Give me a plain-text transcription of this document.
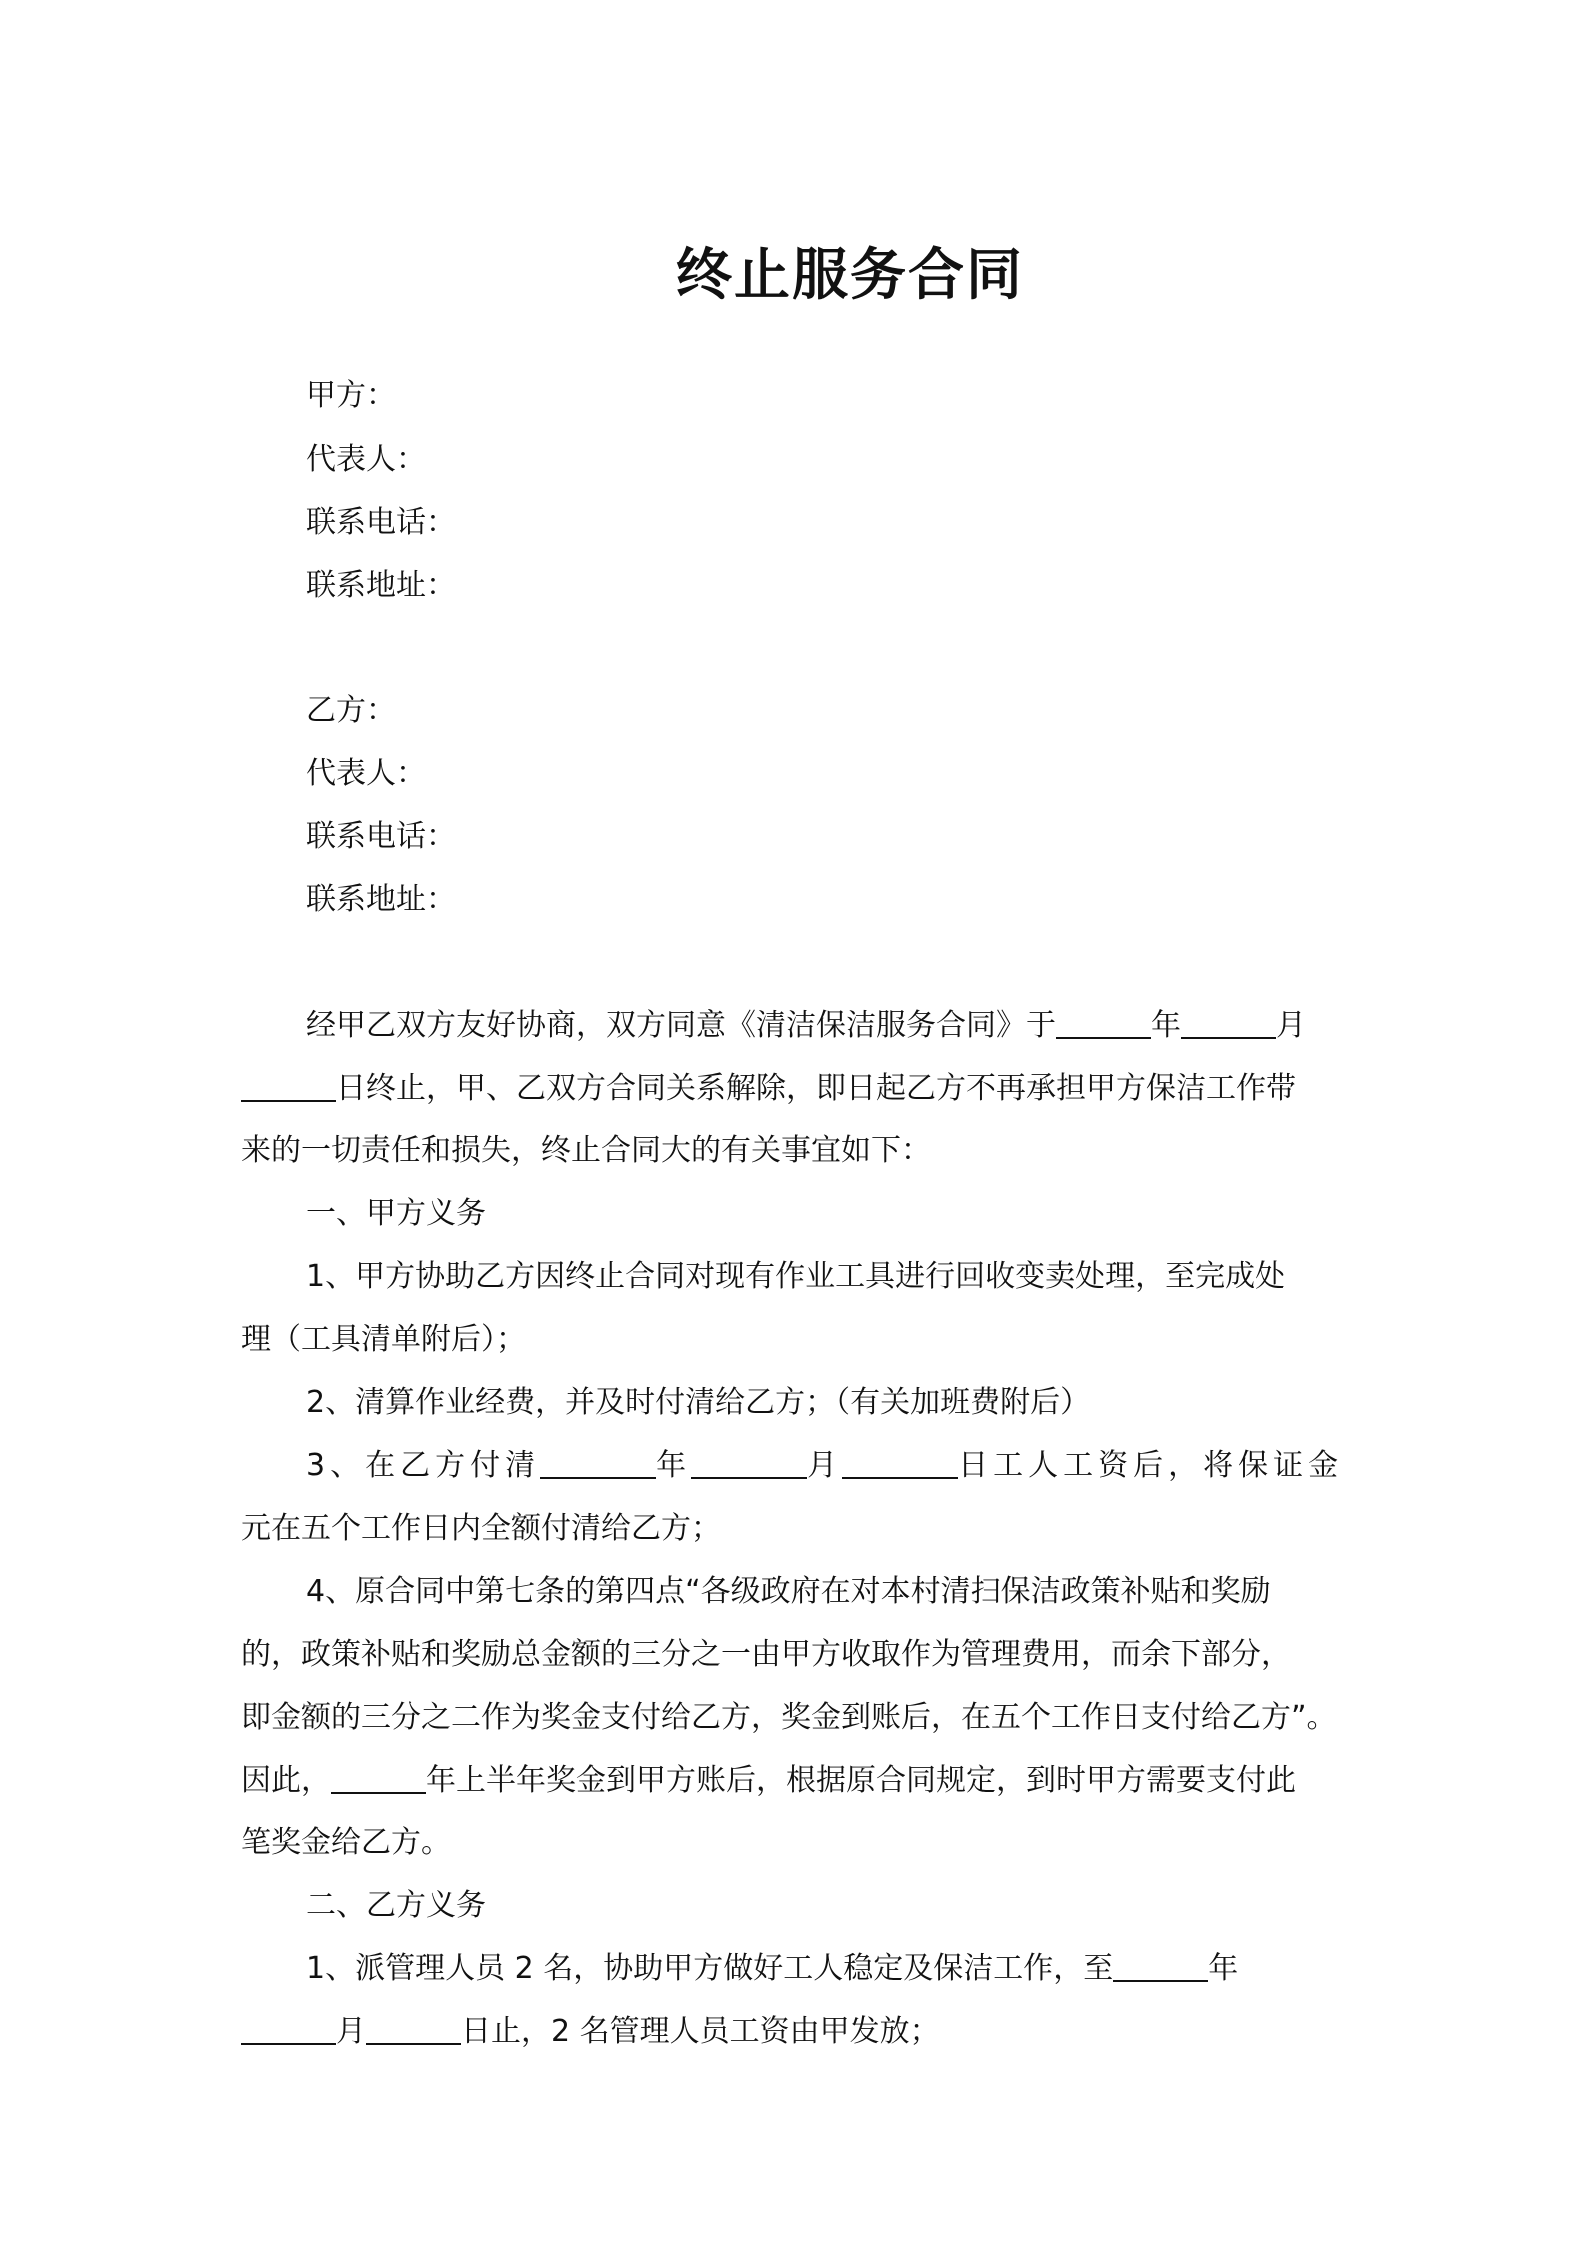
终止服务合同
甲方：
代表人：
联系电话：
联系地址：
乙方：
代表人：
联系电话：
联系地址：
经甲乙双方友好协商，双方同意《清洁保洁服务合同》于	年	月
日终止，甲、乙双方合同关系解除，即日起乙方不再承担甲方保洁工作带
来的一切责任和损失，终止合同大的有关事宜如下：
一、甲方义务
1、甲方协助乙方因终止合同对现有作业工具进行回收变卖处理，至完成处
理（工具清单附后）；
2、清算作业经费，并及时付清给乙方；（有关加班费附后）
3、在乙方付清	年	月	日工人工资后，将保证金
元在五个工作日内全额付清给乙方；
4、原合同中第七条的第四点“各级政府在对本村清扫保洁政策补贴和奖励
的，政策补贴和奖励总金额的三分之一由甲方收取作为管理费用，而余下部分，
即金额的三分之二作为奖金支付给乙方，奖金到账后，在五个工作日支付给乙方”。
因此，	年上半年奖金到甲方账后，根据原合同规定，到时甲方需要支付此
笔奖金给乙方。
二、乙方义务
1、派管理人员 2 名，协助甲方做好工人稳定及保洁工作，至	年
月	日止，2 名管理人员工资由甲发放；
